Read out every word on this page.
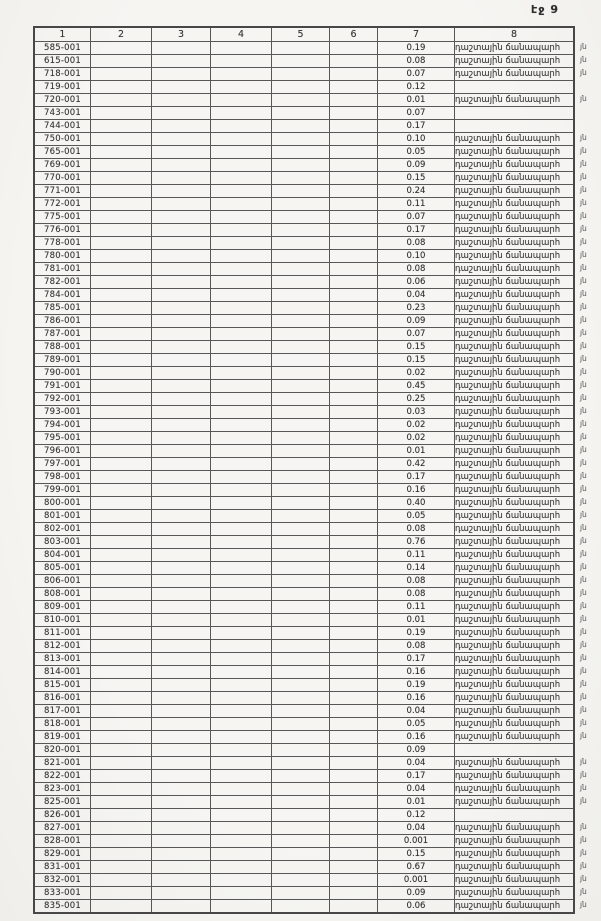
էջ 9
1	2	3	4	5	6	7	8
585-001						0.19	դաշտային ճանապարհ
615-001						0.08	դաշտային ճանապարհ
718-001						0.07	դաշտային ճանապարհ
719-001						0.12	
720-001						0.01	դաշտային ճանապարհ
743-001						0.07	
744-001						0.17	
750-001						0.10	դաշտային ճանապարհ
765-001						0.05	դաշտային ճանապարհ
769-001						0.09	դաշտային ճանապարհ
770-001						0.15	դաշտային ճանապարհ
771-001						0.24	դաշտային ճանապարհ
772-001						0.11	դաշտային ճանապարհ
775-001						0.07	դաշտային ճանապարհ
776-001						0.17	դաշտային ճանապարհ
778-001						0.08	դաշտային ճանապարհ
780-001						0.10	դաշտային ճանապարհ
781-001						0.08	դաշտային ճանապարհ
782-001						0.06	դաշտային ճանապարհ
784-001						0.04	դաշտային ճանապարհ
785-001						0.23	դաշտային ճանապարհ
786-001						0.09	դաշտային ճանապարհ
787-001						0.07	դաշտային ճանապարհ
788-001						0.15	դաշտային ճանապարհ
789-001						0.15	դաշտային ճանապարհ
790-001						0.02	դաշտային ճանապարհ
791-001						0.45	դաշտային ճանապարհ
792-001						0.25	դաշտային ճանապարհ
793-001						0.03	դաշտային ճանապարհ
794-001						0.02	դաշտային ճանապարհ
795-001						0.02	դաշտային ճանապարհ
796-001						0.01	դաշտային ճանապարհ
797-001						0.42	դաշտային ճանապարհ
798-001						0.17	դաշտային ճանապարհ
799-001						0.16	դաշտային ճանապարհ
800-001						0.40	դաշտային ճանապարհ
801-001						0.05	դաշտային ճանապարհ
802-001						0.08	դաշտային ճանապարհ
803-001						0.76	դաշտային ճանապարհ
804-001						0.11	դաշտային ճանապարհ
805-001						0.14	դաշտային ճանապարհ
806-001						0.08	դաշտային ճանապարհ
808-001						0.08	դաշտային ճանապարհ
809-001						0.11	դաշտային ճանապարհ
810-001						0.01	դաշտային ճանապարհ
811-001						0.19	դաշտային ճանապարհ
812-001						0.08	դաշտային ճանապարհ
813-001						0.17	դաշտային ճանապարհ
814-001						0.16	դաշտային ճանապարհ
815-001						0.19	դաշտային ճանապարհ
816-001						0.16	դաշտային ճանապարհ
817-001						0.04	դաշտային ճանապարհ
818-001						0.05	դաշտային ճանապարհ
819-001						0.16	դաշտային ճանապարհ
820-001						0.09	
821-001						0.04	դաշտային ճանապարհ
822-001						0.17	դաշտային ճանապարհ
823-001						0.04	դաշտային ճանապարհ
825-001						0.01	դաշտային ճանապարհ
826-001						0.12	
827-001						0.04	դաշտային ճանապարհ
828-001						0.001	դաշտային ճանապարհ
829-001						0.15	դաշտային ճանապարհ
831-001						0.67	դաշտային ճանապարհ
832-001						0.001	դաշտային ճանապարհ
833-001						0.09	դաշտային ճանապարհ
835-001						0.06	դաշտային ճանապարհ
յն
յն
յն
յն
յն
յն
յն
յն
յն
յն
յն
յն
յն
յն
յն
յն
յն
յն
յն
յն
յն
յն
յն
յն
յն
յն
յն
յն
յն
յն
յն
յն
յն
յն
յն
յն
յն
յն
յն
յն
յն
յն
յն
յն
յն
յն
յն
յն
յն
յն
յն
յն
յն
յն
յն
յն
յն
յն
յն
յն
յն
յն
